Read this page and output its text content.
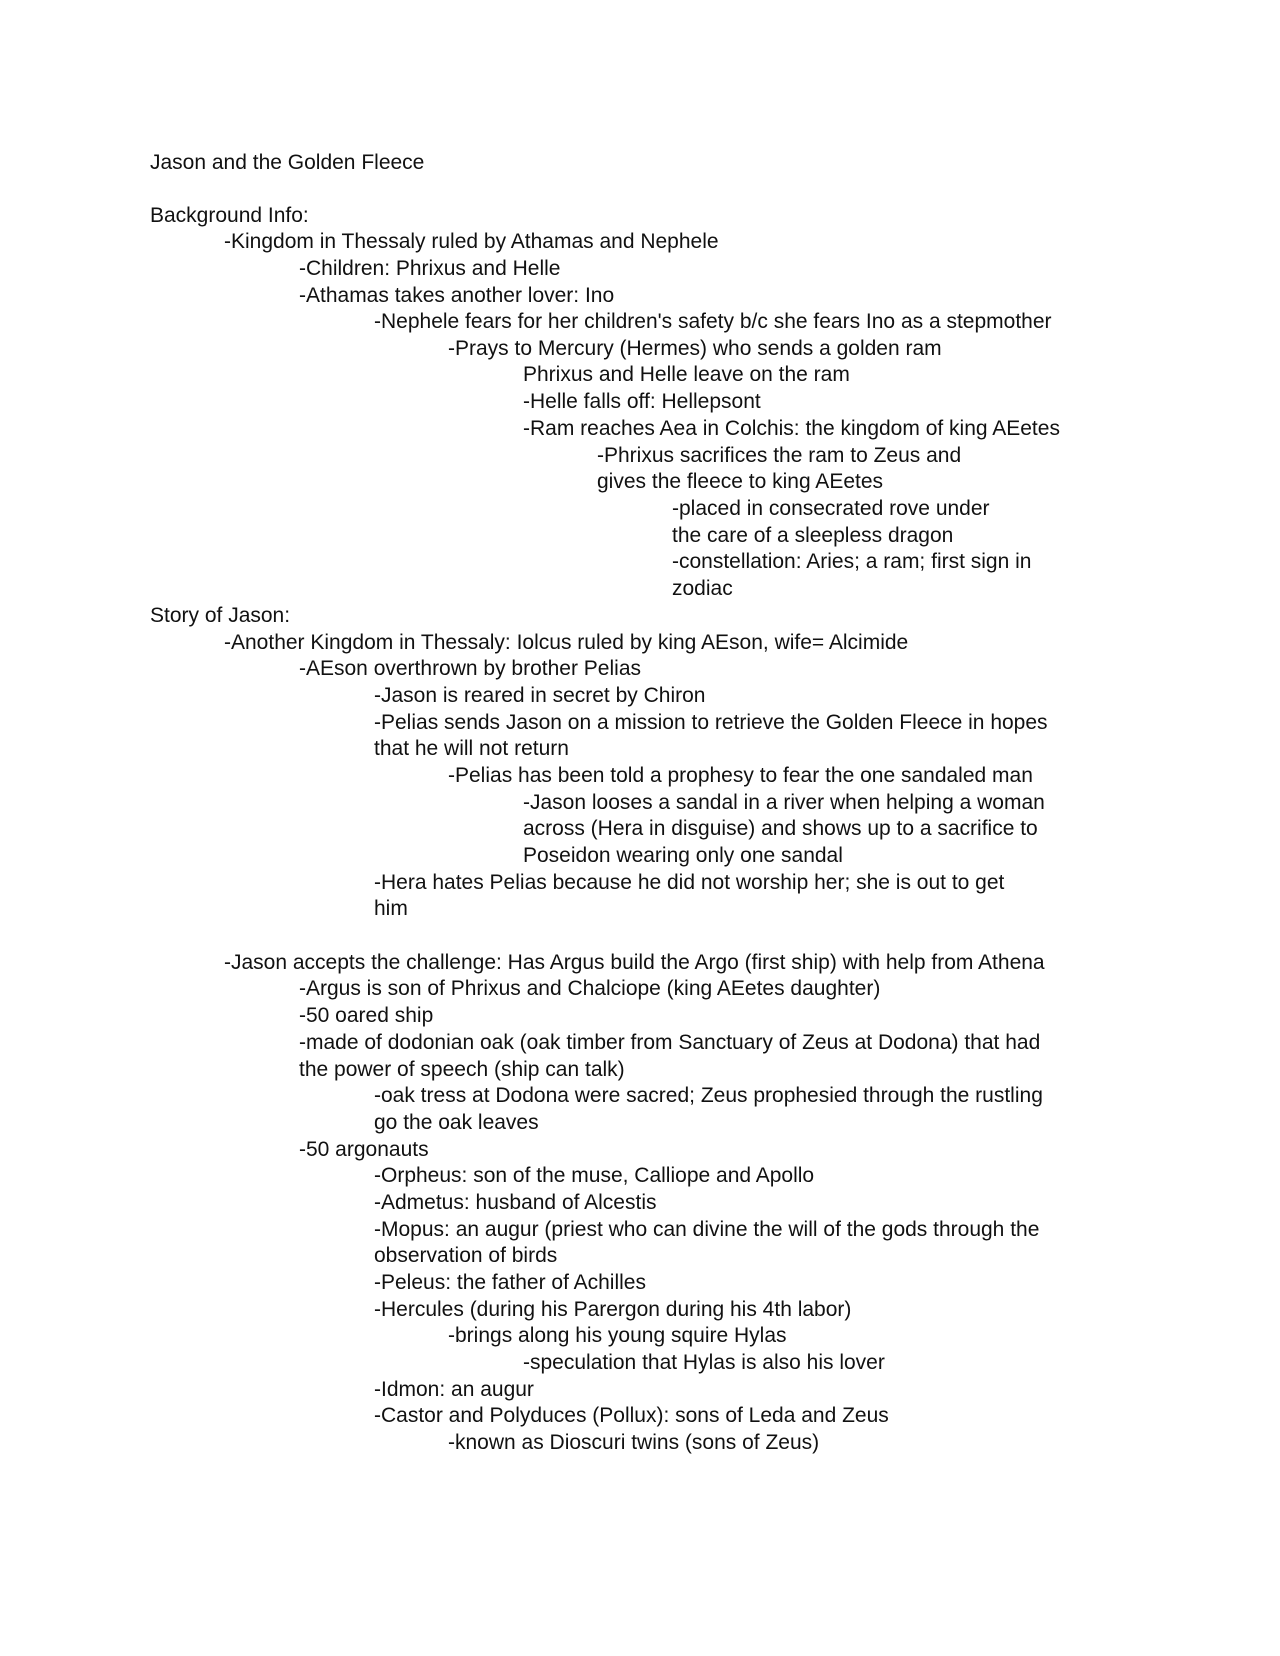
Jason and the Golden Fleece
Background Info:
-Kingdom in Thessaly ruled by Athamas and Nephele
-Children: Phrixus and Helle
-Athamas takes another lover: Ino
-Nephele fears for her children's safety b/c she fears Ino as a stepmother
-Prays to Mercury (Hermes) who sends a golden ram
Phrixus and Helle leave on the ram
-Helle falls off: Hellepsont
-Ram reaches Aea in Colchis: the kingdom of king AEetes
-Phrixus sacrifices the ram to Zeus and
gives the fleece to king AEetes
-placed in consecrated rove under
the care of a sleepless dragon
-constellation: Aries; a ram; first sign in
zodiac
Story of Jason:
-Another Kingdom in Thessaly: Iolcus ruled by king AEson, wife= Alcimide
-AEson overthrown by brother Pelias
-Jason is reared in secret by Chiron
-Pelias sends Jason on a mission to retrieve the Golden Fleece in hopes
that he will not return
-Pelias has been told a prophesy to fear the one sandaled man
-Jason looses a sandal in a river when helping a woman
across (Hera in disguise) and shows up to a sacrifice to
Poseidon wearing only one sandal
-Hera hates Pelias because he did not worship her; she is out to get
him
-Jason accepts the challenge: Has Argus build the Argo (first ship) with help from Athena
-Argus is son of Phrixus and Chalciope (king AEetes daughter)
-50 oared ship
-made of dodonian oak (oak timber from Sanctuary of Zeus at Dodona) that had
the power of speech (ship can talk)
-oak tress at Dodona were sacred; Zeus prophesied through the rustling
go the oak leaves
-50 argonauts
-Orpheus: son of the muse, Calliope and Apollo
-Admetus: husband of Alcestis
-Mopus: an augur (priest who can divine the will of the gods through the
observation of birds
-Peleus: the father of Achilles
-Hercules (during his Parergon during his 4th labor)
-brings along his young squire Hylas
-speculation that Hylas is also his lover
-Idmon: an augur
-Castor and Polyduces (Pollux): sons of Leda and Zeus
-known as Dioscuri twins (sons of Zeus)
